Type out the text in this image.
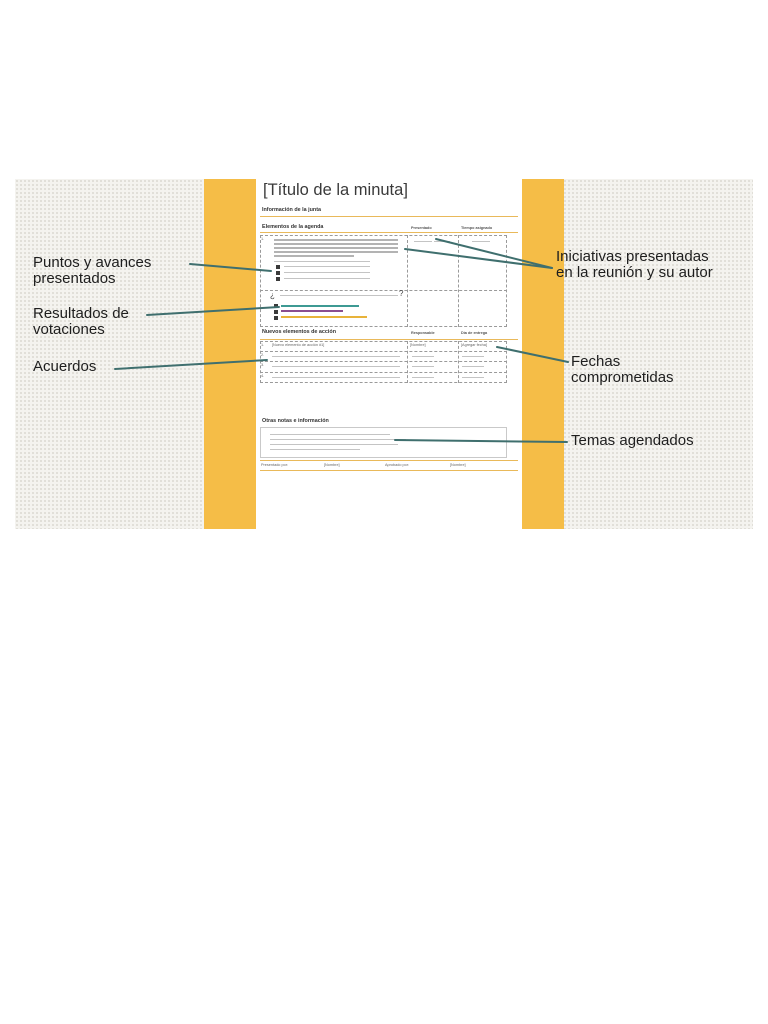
[Título de la minuta]
Información de la junta
Elementos de la agenda	Presentado	Tiempo asignado
1.
¿	?
Nuevos elementos de acción	Responsable	Día de entrega
1. [Nuevo elemento de acción #1]	[Nombre]	[Agregar fecha]
2.
3.
4.
Otras notas e información
Presentado por:	[Nombre]	Aprobado por:	[Nombre]
Puntos y avances
presentados
Resultados de
votaciones
Acuerdos
Iniciativas presentadas
en la reunión y su autor
Fechas
comprometidas
Temas agendados
